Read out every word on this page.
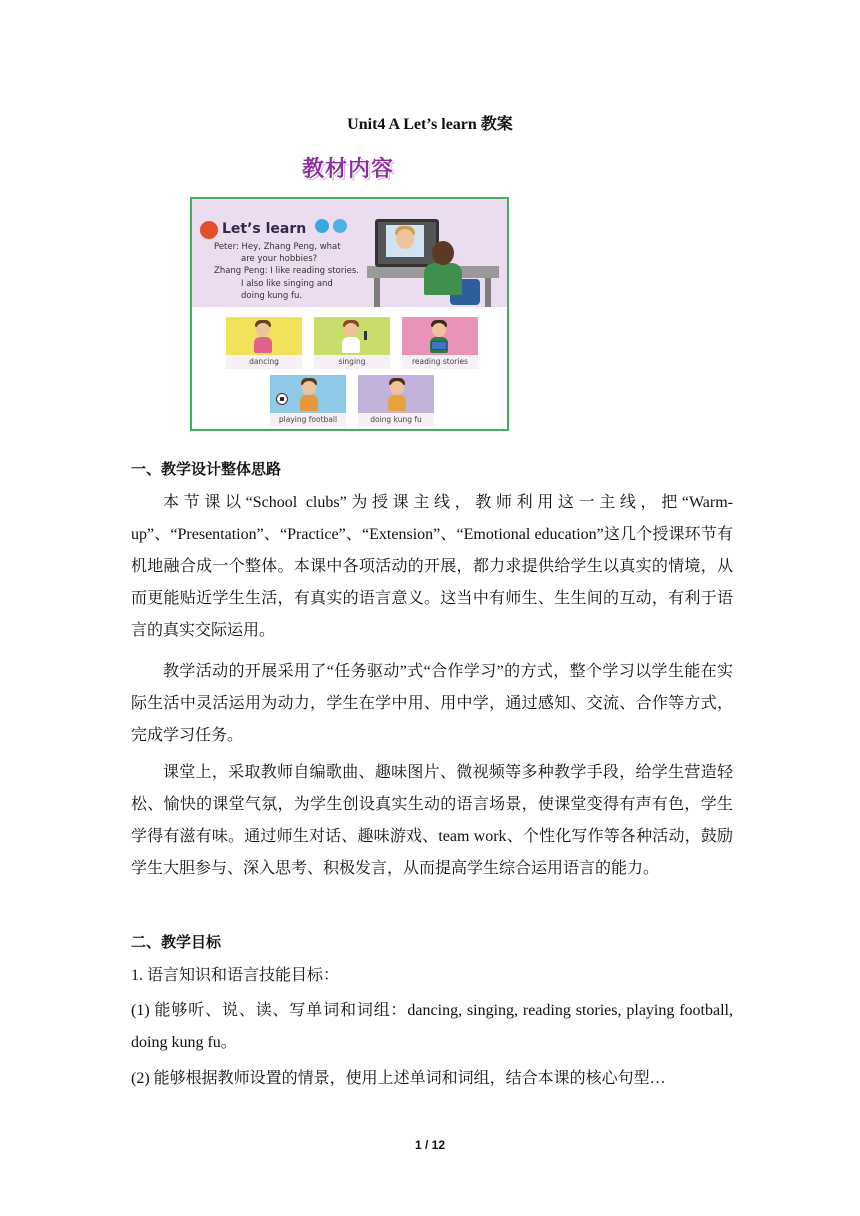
Unit4 A Let’s learn 教案
教材内容
Let’s learn
Peter: Hey, Zhang Peng, what
are your hobbies?
Zhang Peng: I like reading stories.
I also like singing and
doing kung fu.
dancing	singing	reading stories
playing football	doing kung fu
一、教学设计整体思路
本节课以“School clubs”为授课主线，教师利用这一主线，把“Warm-up”、“Presentation”、“Practice”、“Extension”、“Emotional education”这几个授课环节有机地融合成一个整体。本课中各项活动的开展，都力求提供给学生以真实的情境，从而更能贴近学生生活，有真实的语言意义。这当中有师生、生生间的互动，有利于语言的真实交际运用。
教学活动的开展采用了“任务驱动”式“合作学习”的方式，整个学习以学生能在实际生活中灵活运用为动力，学生在学中用、用中学，通过感知、交流、合作等方式，完成学习任务。
课堂上，采取教师自编歌曲、趣味图片、微视频等多种教学手段，给学生营造轻松、愉快的课堂气氛，为学生创设真实生动的语言场景，使课堂变得有声有色，学生学得有滋有味。通过师生对话、趣味游戏、team work、个性化写作等各种活动，鼓励学生大胆参与、深入思考、积极发言，从而提高学生综合运用语言的能力。
二、教学目标
1. 语言知识和语言技能目标：
(1) 能够听、说、读、写单词和词组：dancing, singing, reading stories, playing football, doing kung fu。
(2) 能够根据教师设置的情景，使用上述单词和词组，结合本课的核心句型…
1 / 12
